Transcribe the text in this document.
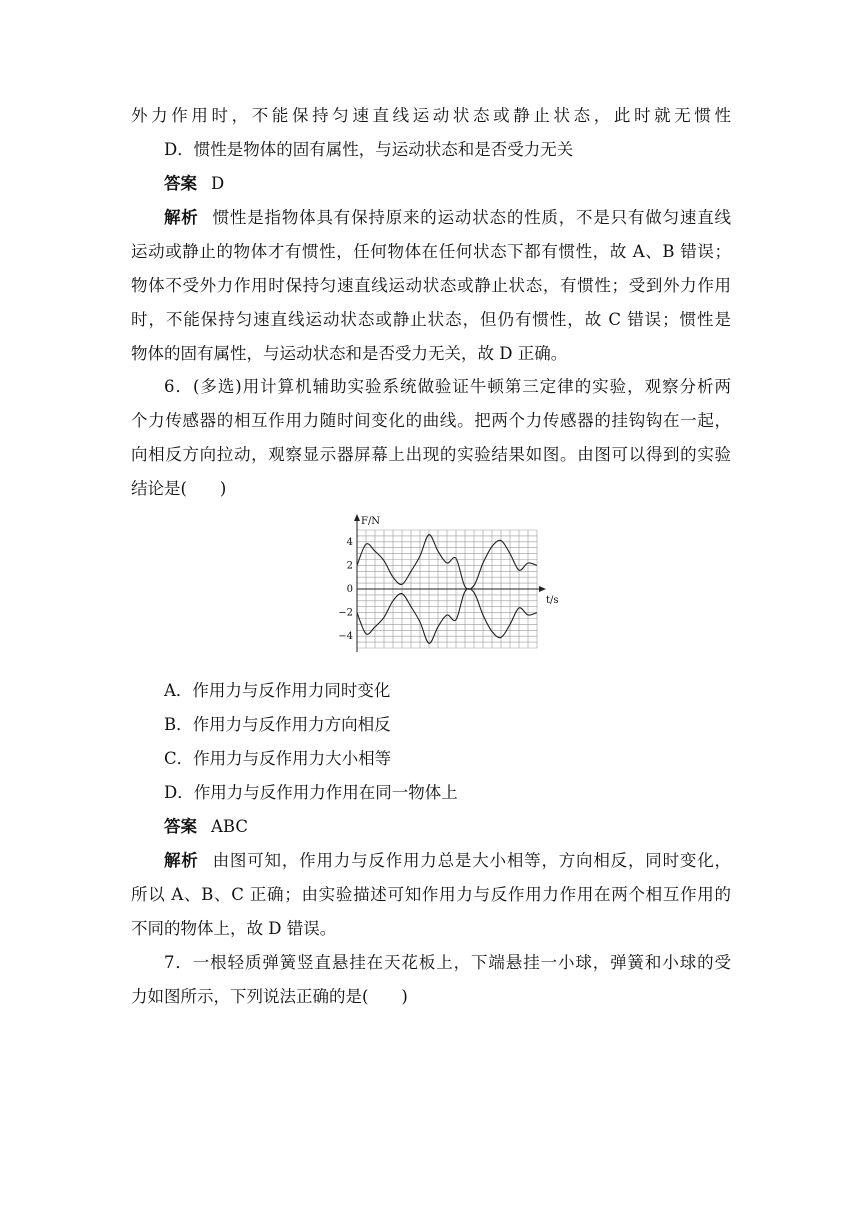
外力作用时，不能保持匀速直线运动状态或静止状态，此时就无惯性
D．惯性是物体的固有属性，与运动状态和是否受力无关
答案 D
解析 惯性是指物体具有保持原来的运动状态的性质，不是只有做匀速直线
运动或静止的物体才有惯性，任何物体在任何状态下都有惯性，故 A、B 错误；
物体不受外力作用时保持匀速直线运动状态或静止状态，有惯性；受到外力作用
时，不能保持匀速直线运动状态或静止状态，但仍有惯性，故 C 错误；惯性是
物体的固有属性，与运动状态和是否受力无关，故 D 正确。
6．(多选)用计算机辅助实验系统做验证牛顿第三定律的实验，观察分析两
个力传感器的相互作用力随时间变化的曲线。把两个力传感器的挂钩钩在一起，
向相反方向拉动，观察显示器屏幕上出现的实验结果如图。由图可以得到的实验
结论是(　　)
F/N
t/s
4
2
0
−2
−4
A．作用力与反作用力同时变化
B．作用力与反作用力方向相反
C．作用力与反作用力大小相等
D．作用力与反作用力作用在同一物体上
答案 ABC
解析 由图可知，作用力与反作用力总是大小相等，方向相反，同时变化，
所以 A、B、C 正确；由实验描述可知作用力与反作用力作用在两个相互作用的
不同的物体上，故 D 错误。
7．一根轻质弹簧竖直悬挂在天花板上，下端悬挂一小球，弹簧和小球的受
力如图所示，下列说法正确的是(　　)
